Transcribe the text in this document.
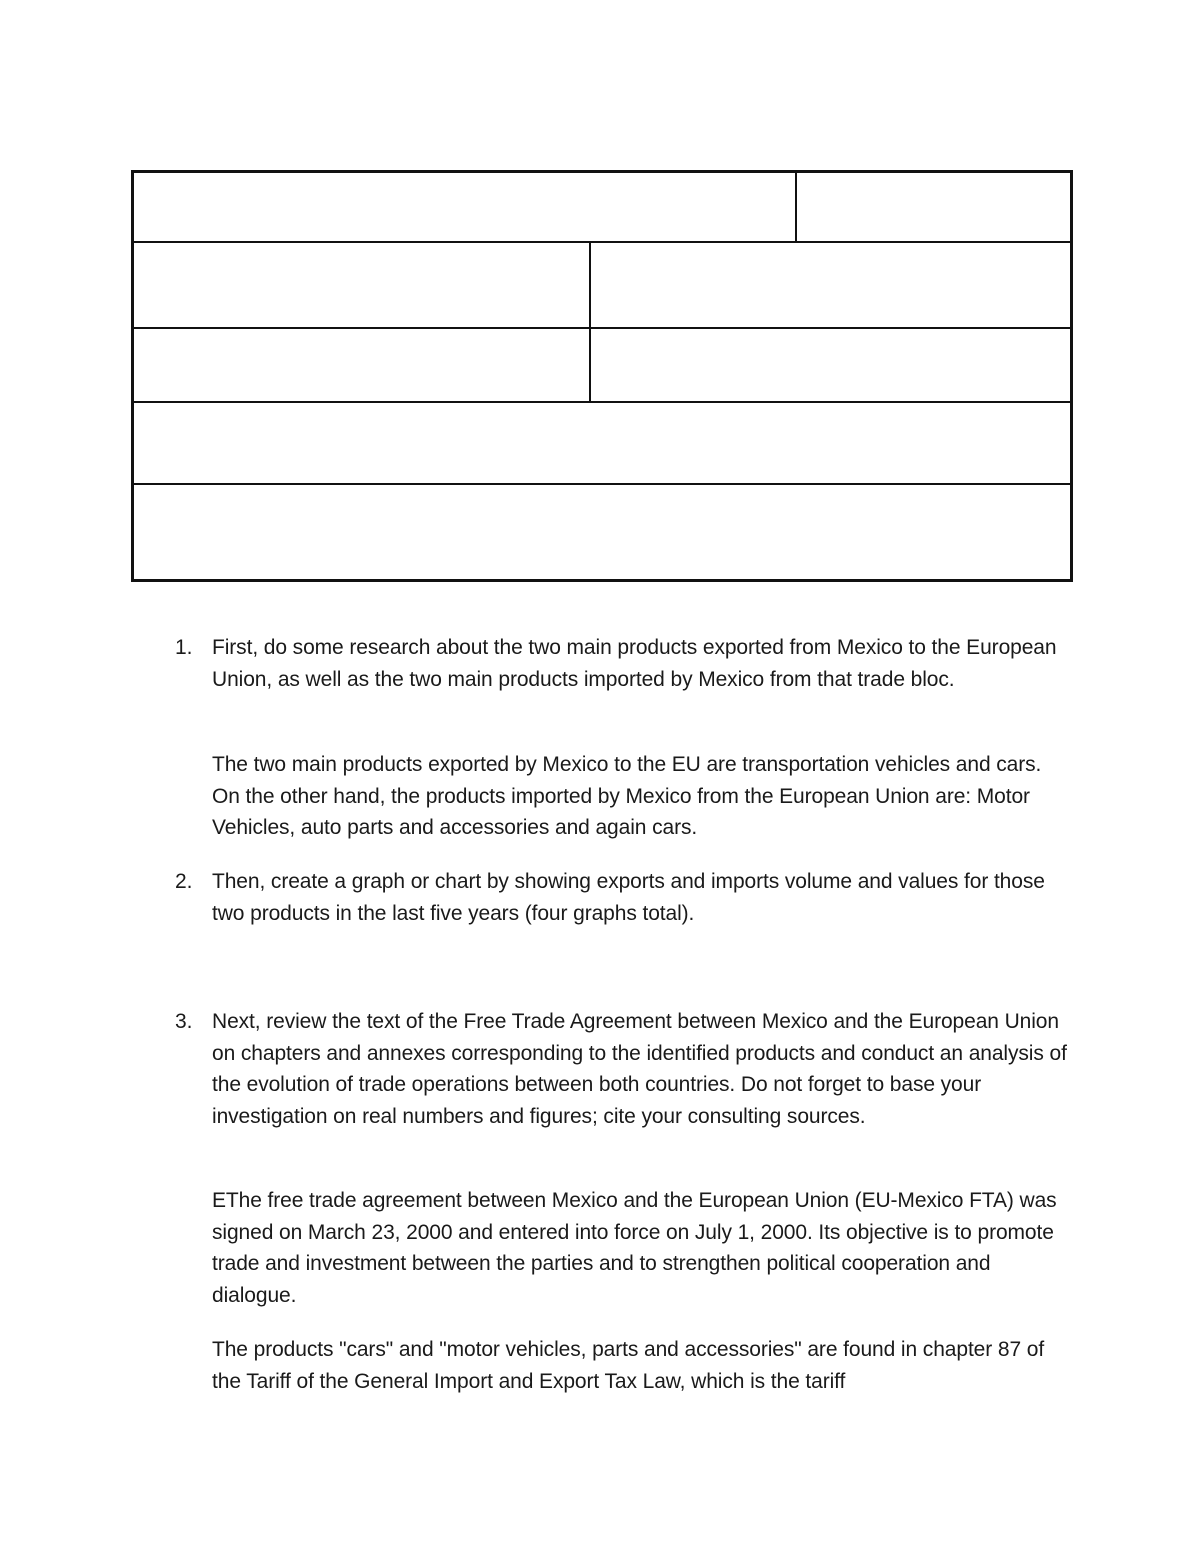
1. First, do some research about the two main products exported from Mexico to the European Union, as well as the two main products imported by Mexico from that trade bloc.
The two main products exported by Mexico to the EU are transportation vehicles and cars. On the other hand, the products imported by Mexico from the European Union are: Motor Vehicles, auto parts and accessories and again cars.
2. Then, create a graph or chart by showing exports and imports volume and values for those two products in the last five years (four graphs total).
3. Next, review the text of the Free Trade Agreement between Mexico and the European Union on chapters and annexes corresponding to the identified products and conduct an analysis of the evolution of trade operations between both countries. Do not forget to base your investigation on real numbers and figures; cite your consulting sources.
EThe free trade agreement between Mexico and the European Union (EU-Mexico FTA) was signed on March 23, 2000 and entered into force on July 1, 2000. Its objective is to promote trade and investment between the parties and to strengthen political cooperation and dialogue.
The products "cars" and "motor vehicles, parts and accessories" are found in chapter 87 of the Tariff of the General Import and Export Tax Law, which is the tariff
